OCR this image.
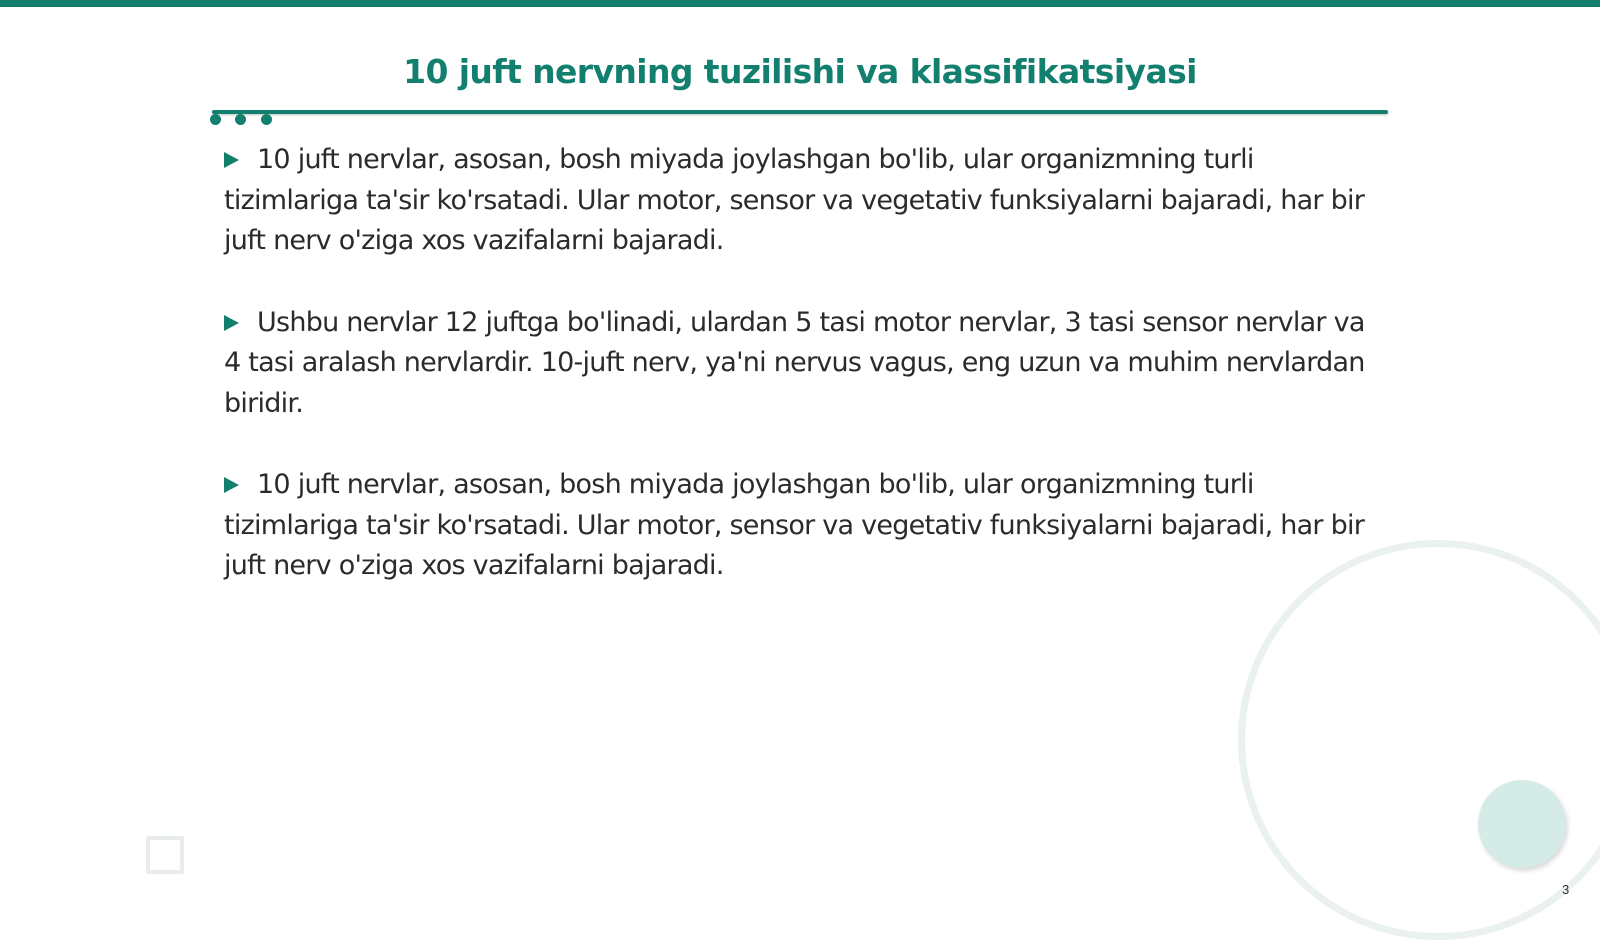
10 juft nervning tuzilishi va klassifikatsiyasi

10 juft nervlar, asosan, bosh miyada joylashgan bo'lib, ular organizmning turli tizimlariga ta'sir ko'rsatadi. Ular motor, sensor va vegetativ funksiyalarni bajaradi, har bir juft nerv o'ziga xos vazifalarni bajaradi.

Ushbu nervlar 12 juftga bo'linadi, ulardan 5 tasi motor nervlar, 3 tasi sensor nervlar va 4 tasi aralash nervlardir. 10-juft nerv, ya'ni nervus vagus, eng uzun va muhim nervlardan biridir.

10 juft nervlar, asosan, bosh miyada joylashgan bo'lib, ular organizmning turli tizimlariga ta'sir ko'rsatadi. Ular motor, sensor va vegetativ funksiyalarni bajaradi, har bir juft nerv o'ziga xos vazifalarni bajaradi.

3
